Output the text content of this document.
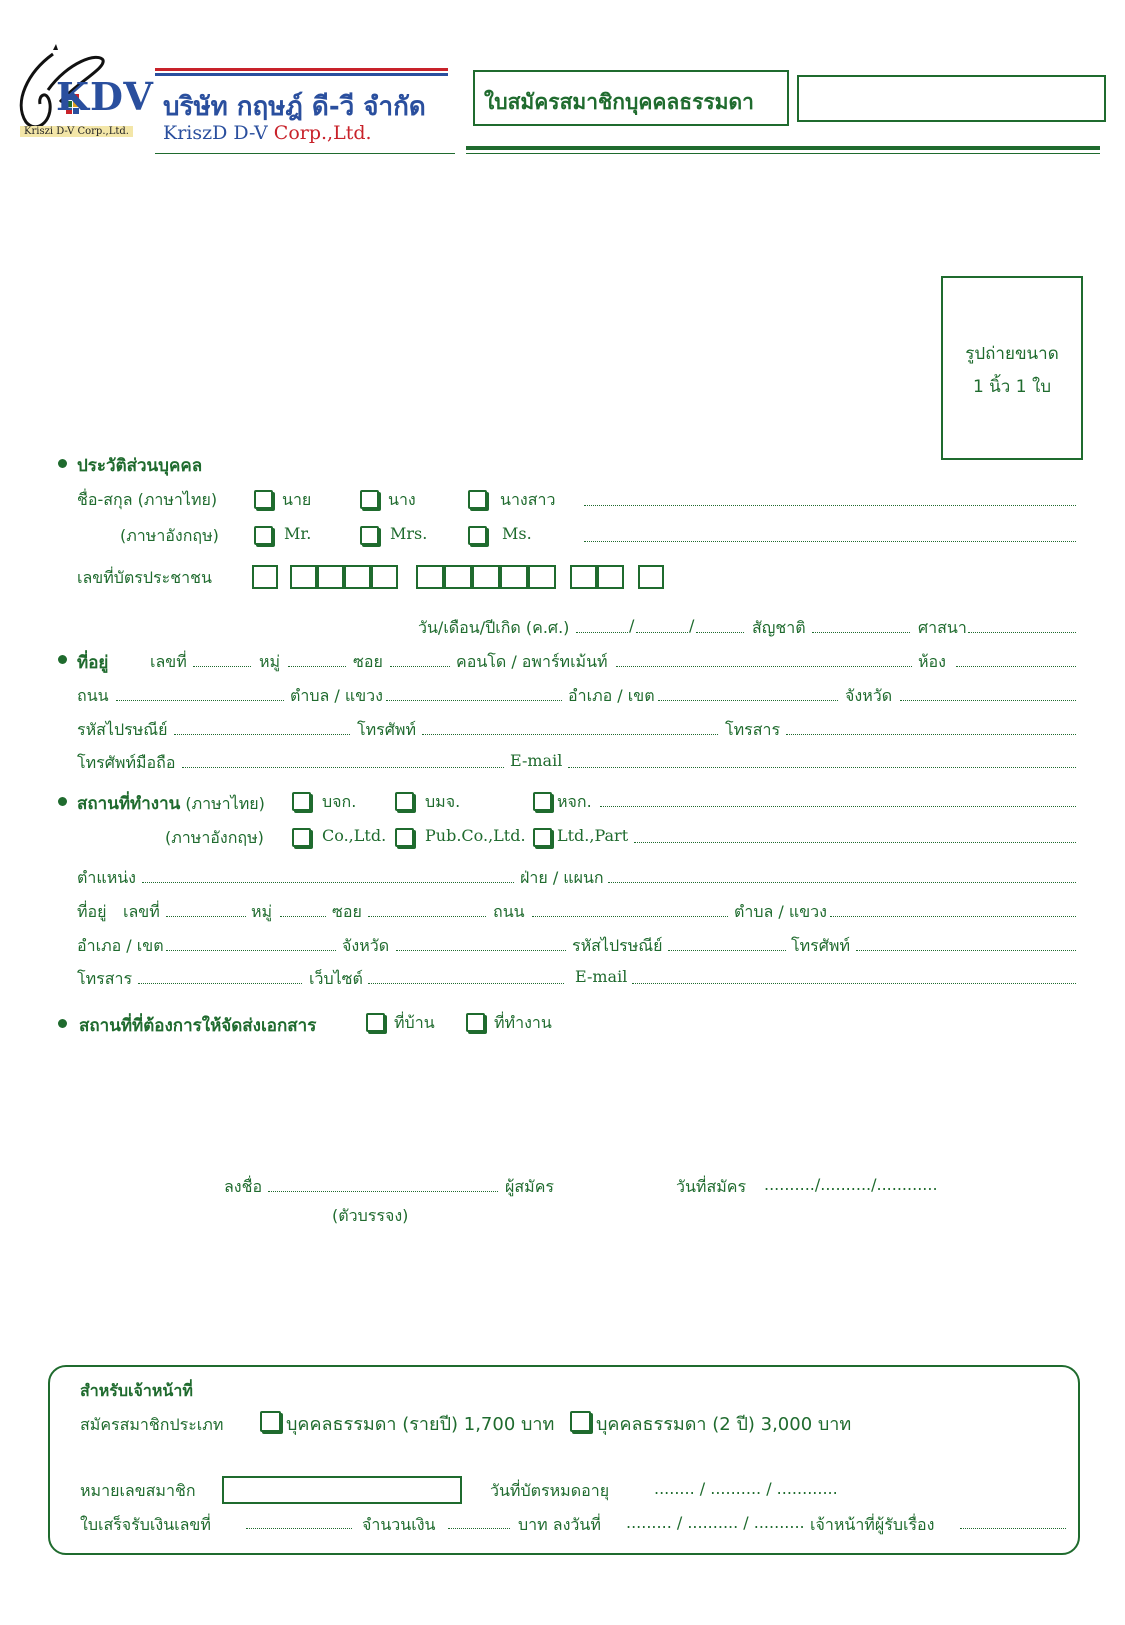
KDV
Kriszi D-V Corp.,Ltd.
บริษัท กฤษฎ์ ดี-วี จำกัด
KriszD D-V Corp.,Ltd.
ใบสมัครสมาชิกบุคคลธรรมดา
รูปถ่ายขนาด
1 นิ้ว 1 ใบ
ประวัติส่วนบุคคล
ชื่อ-สกุล (ภาษาไทย)	นาย	นาง	นางสาว
(ภาษาอังกฤษ)	Mr.	Mrs.	Ms.
เลขที่บัตรประชาชน
วัน/เดือน/ปีเกิด (ค.ศ.)	/	/	สัญชาติ	ศาสนา
ที่อยู่	เลขที่	หมู่	ซอย	คอนโด / อพาร์ทเม้นท์	ห้อง
ถนน	ตำบล / แขวง	อำเภอ / เขต	จังหวัด
รหัสไปรษณีย์	โทรศัพท์	โทรสาร
โทรศัพท์มือถือ	E-mail
สถานที่ทำงาน (ภาษาไทย)	บจก.	บมจ.	หจก.
(ภาษาอังกฤษ)	Co.,Ltd. Pub.Co.,Ltd. Ltd.,Part
ตำแหน่ง	ฝ่าย / แผนก
ที่อยู่ เลขที่	หมู่	ซอย	ถนน	ตำบล / แขวง
อำเภอ / เขต	จังหวัด	รหัสไปรษณีย์	โทรศัพท์
โทรสาร	เว็บไซต์	E-mail
สถานที่ที่ต้องการให้จัดส่งเอกสาร	ที่บ้าน	ที่ทำงาน
ลงชื่อ	ผู้สมัคร
(ตัวบรรจง)
วันที่สมัคร ........../........../............
สำหรับเจ้าหน้าที่
สมัครสมาชิกประเภท	บุคคลธรรมดา (รายปี) 1,700 บาท บุคคลธรรมดา (2 ปี) 3,000 บาท
หมายเลขสมาชิก	วันที่บัตรหมดอายุ	........ / .......... / ............
ใบเสร็จรับเงินเลขที่	จำนวนเงิน	บาท ลงวันที่ ......... / .......... / .......... เจ้าหน้าที่ผู้รับเรื่อง
